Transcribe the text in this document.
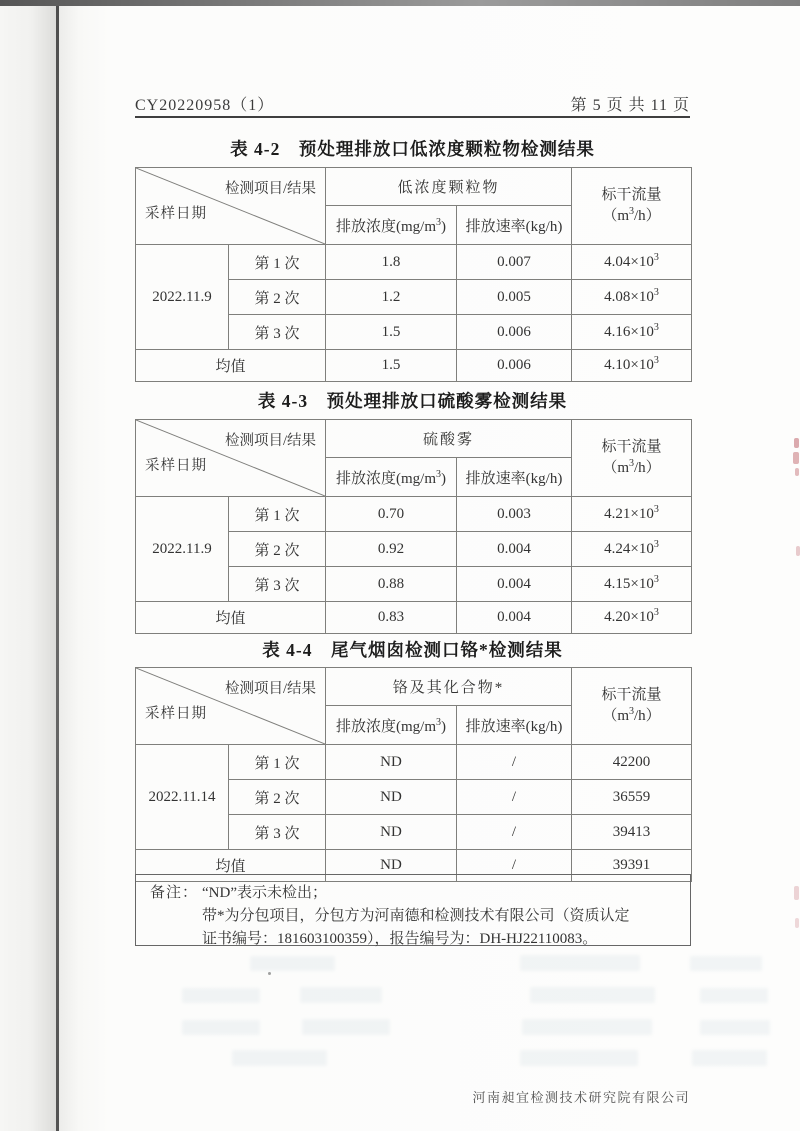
CY20220958（1）	第 5 页 共 11 页
表 4-2　预处理排放口低浓度颗粒物检测结果
检测项目/结果
采样日期
	低浓度颗粒物	标干流量
$(m^3/h)$

		排放浓度$(mg/m^3)$	排放速率(kg/h)	
2022.11.9	第 1 次	1.8	0.007	$4.04\times 10^3$
	第 2 次	1.2	0.005	$4.08\times 10^3$
	第 3 次	1.5	0.006	$4.16\times 10^3$
均值		1.5	0.006	$4.10\times 10^3$
表 4-3　预处理排放口硫酸雾检测结果
检测项目/结果
采样日期
	硫酸雾	标干流量
$(m^3/h)$

		排放浓度$(mg/m^3)$	排放速率(kg/h)	
2022.11.9	第 1 次	0.70	0.003	$4.21\times 10^3$
	第 2 次	0.92	0.004	$4.24\times 10^3$
	第 3 次	0.88	0.004	$4.15\times 10^3$
均值		0.83	0.004	$4.20\times 10^3$
表 4-4　尾气烟囱检测口铬*检测结果
检测项目/结果
采样日期
	铬及其化合物*	标干流量
$(m^3/h)$

		排放浓度$(mg/m^3)$	排放速率(kg/h)	
2022.11.14	第 1 次	ND	/	42200
	第 2 次	ND	/	36559
	第 3 次	ND	/	39413
均值		ND	/	39391
备注： “ND”表示未检出；
带*为分包项目，分包方为河南德和检测技术有限公司（资质认定
证书编号：181603100359），报告编号为：DH-HJ22110083。
河南昶宜检测技术研究院有限公司
